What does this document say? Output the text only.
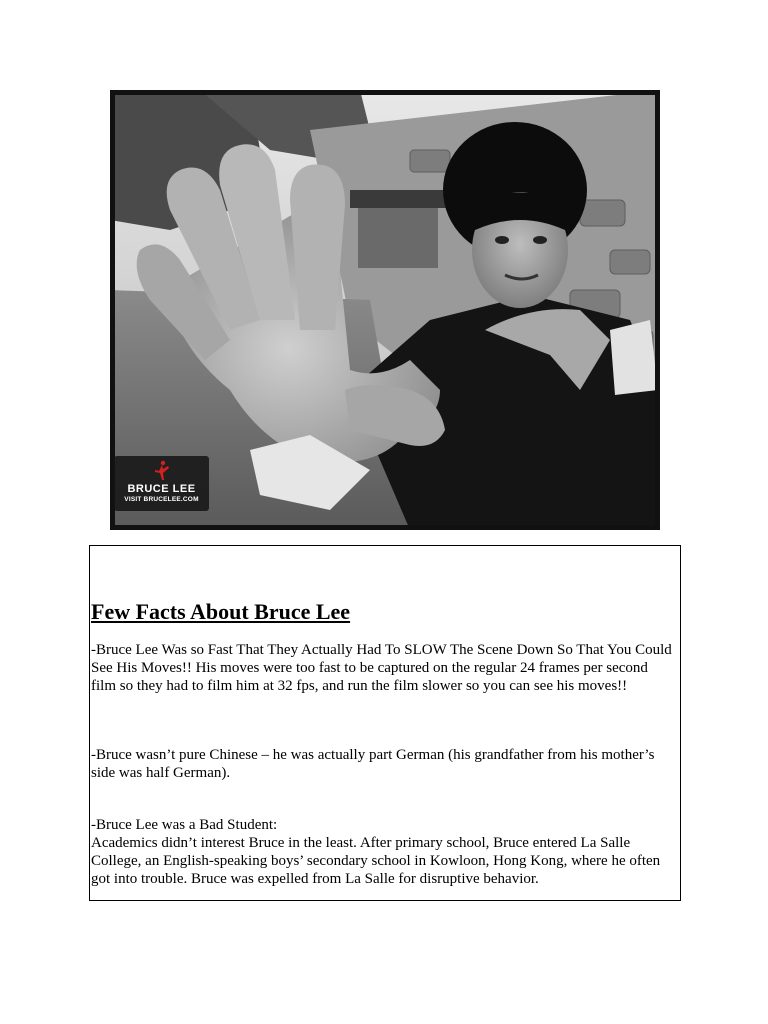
BRUCE LEE
VISIT BRUCELEE.COM
Few Facts About Bruce Lee

-Bruce Lee Was so Fast That They Actually Had To SLOW The Scene Down So That You Could See His Moves!! His moves were too fast to be captured on the regular 24 frames per second film so they had to film him at 32 fps, and run the film slower so you can see his moves!!

-Bruce wasn’t pure Chinese – he was actually part German (his grandfather from his mother’s side was half German).

-Bruce Lee was a Bad Student:
Academics didn’t interest Bruce in the least. After primary school, Bruce entered La Salle College, an English-speaking boys’ secondary school in Kowloon, Hong Kong, where he often got into trouble. Bruce was expelled from La Salle for disruptive behavior.
